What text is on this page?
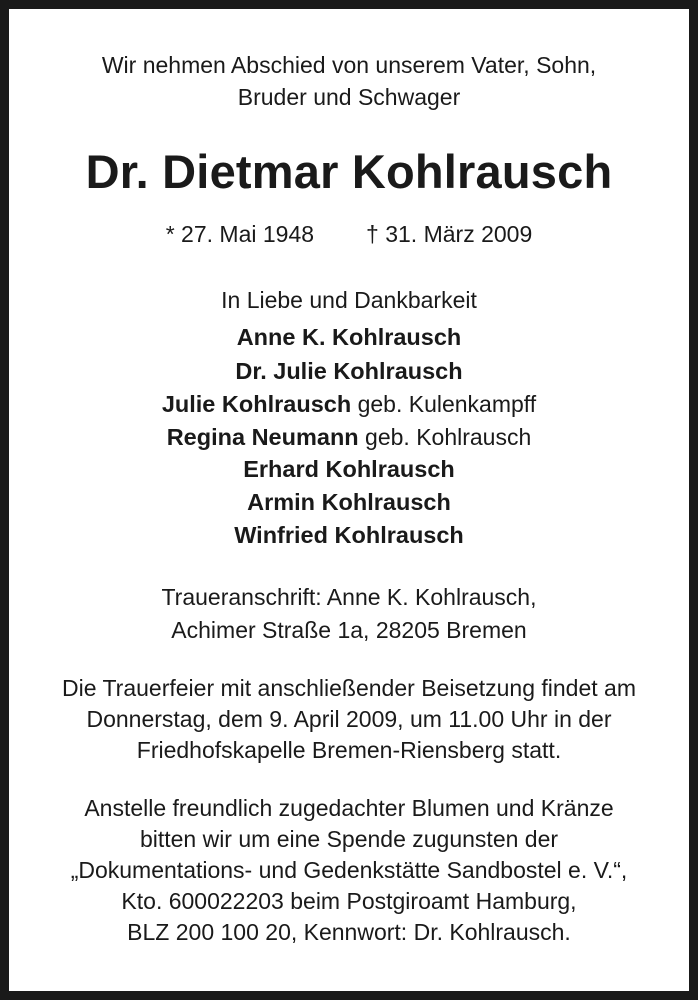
Wir nehmen Abschied von unserem Vater, Sohn,
Bruder und Schwager
Dr. Dietmar Kohlrausch
* 27. Mai 1948 † 31. März 2009
In Liebe und Dankbarkeit
Anne K. Kohlrausch
Dr. Julie Kohlrausch
Julie Kohlrausch geb. Kulenkampff
Regina Neumann geb. Kohlrausch
Erhard Kohlrausch
Armin Kohlrausch
Winfried Kohlrausch
Traueranschrift: Anne K. Kohlrausch,
Achimer Straße 1a, 28205 Bremen
Die Trauerfeier mit anschließender Beisetzung findet am
Donnerstag, dem 9. April 2009, um 11.00 Uhr in der
Friedhofskapelle Bremen-Riensberg statt.
Anstelle freundlich zugedachter Blumen und Kränze
bitten wir um eine Spende zugunsten der
„Dokumentations- und Gedenkstätte Sandbostel e. V.“,
Kto. 600022203 beim Postgiroamt Hamburg,
BLZ 200 100 20, Kennwort: Dr. Kohlrausch.
